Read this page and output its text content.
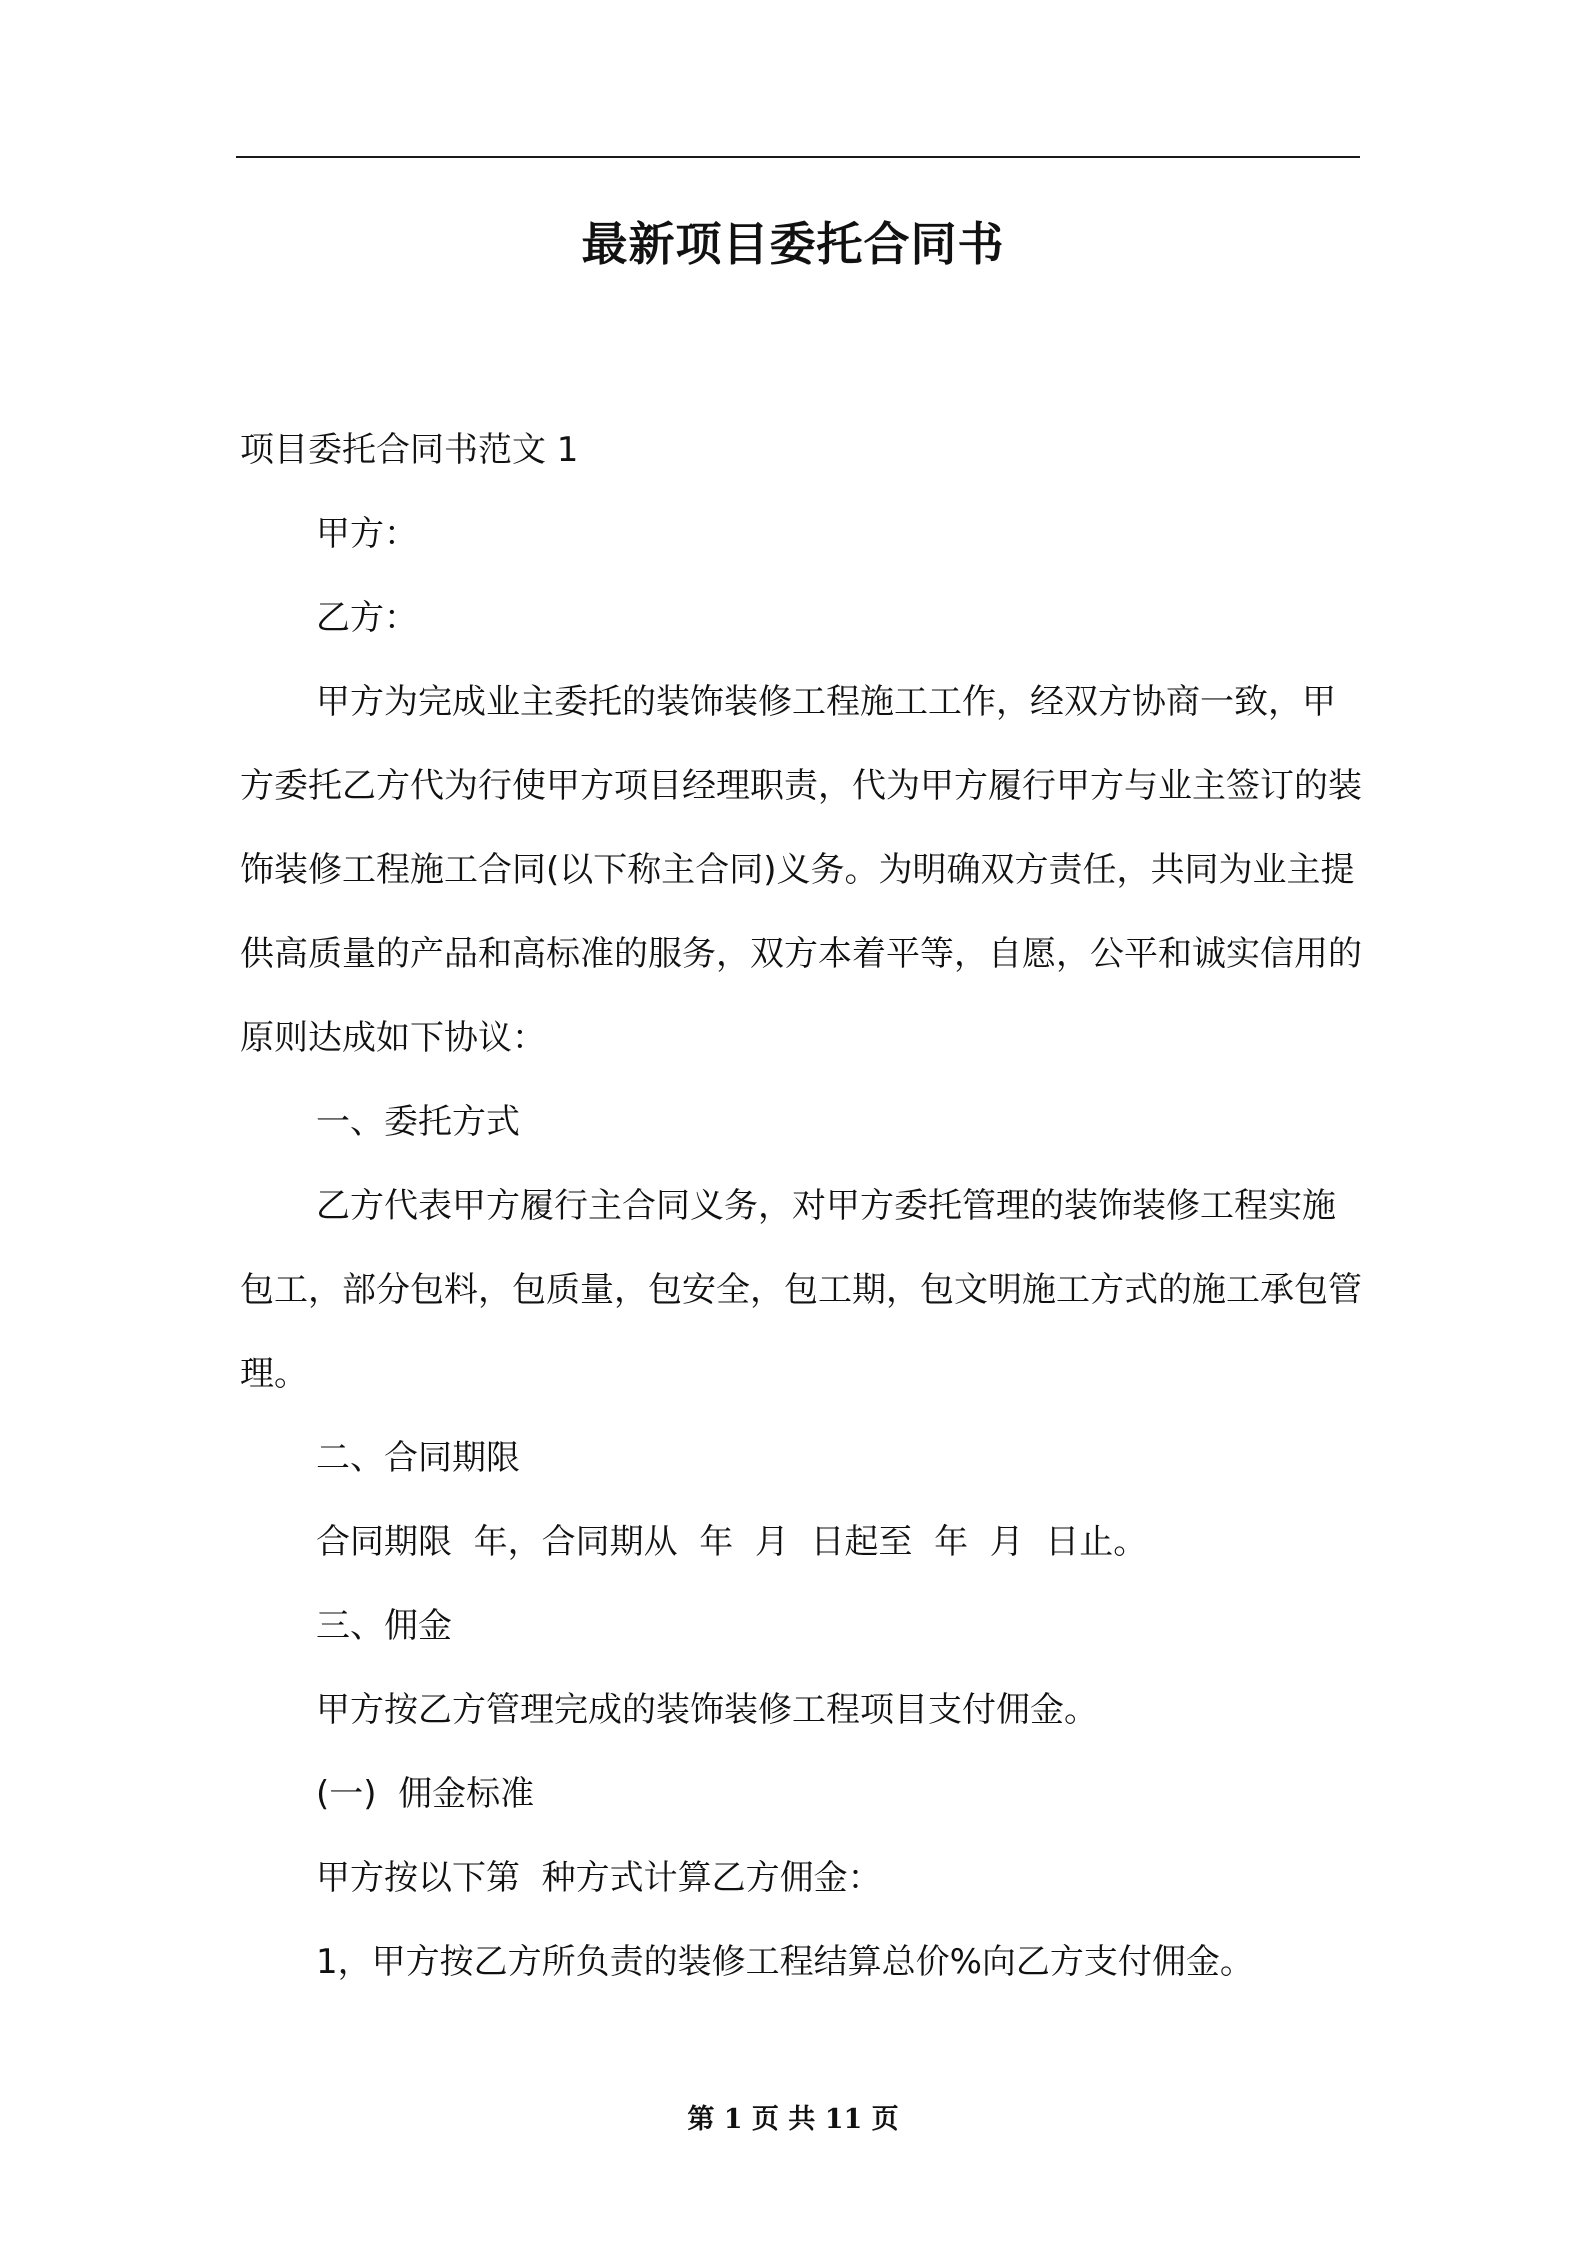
最新项目委托合同书

项目委托合同书范文 1

甲方：

乙方：

甲方为完成业主委托的装饰装修工程施工工作，经双方协商一致，甲方委托乙方代为行使甲方项目经理职责，代为甲方履行甲方与业主签订的装饰装修工程施工合同(以下称主合同)义务。为明确双方责任，共同为业主提供高质量的产品和高标准的服务，双方本着平等，自愿，公平和诚实信用的原则达成如下协议：

一、委托方式

乙方代表甲方履行主合同义务，对甲方委托管理的装饰装修工程实施包工，部分包料，包质量，包安全，包工期，包文明施工方式的施工承包管理。

二、合同期限

合同期限  年，合同期从  年  月  日起至  年  月  日止。

三、佣金

甲方按乙方管理完成的装饰装修工程项目支付佣金。

(一)  佣金标准

甲方按以下第  种方式计算乙方佣金：

1，甲方按乙方所负责的装修工程结算总价%向乙方支付佣金。

第 1 页 共 11 页
